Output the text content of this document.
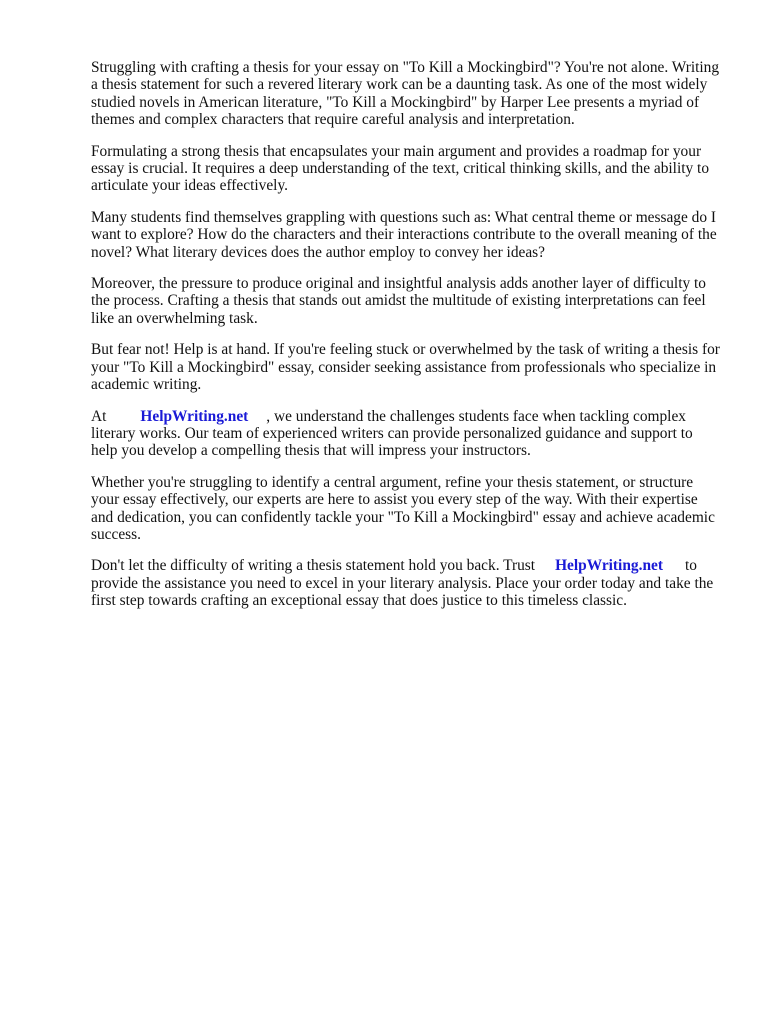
Struggling with crafting a thesis for your essay on "To Kill a Mockingbird"? You're not alone. Writing a thesis statement for such a revered literary work can be a daunting task. As one of the most widely studied novels in American literature, "To Kill a Mockingbird" by Harper Lee presents a myriad of themes and complex characters that require careful analysis and interpretation.

Formulating a strong thesis that encapsulates your main argument and provides a roadmap for your essay is crucial. It requires a deep understanding of the text, critical thinking skills, and the ability to articulate your ideas effectively.

Many students find themselves grappling with questions such as: What central theme or message do I want to explore? How do the characters and their interactions contribute to the overall meaning of the novel? What literary devices does the author employ to convey her ideas?

Moreover, the pressure to produce original and insightful analysis adds another layer of difficulty to the process. Crafting a thesis that stands out amidst the multitude of existing interpretations can feel like an overwhelming task.

But fear not! Help is at hand. If you're feeling stuck or overwhelmed by the task of writing a thesis for your "To Kill a Mockingbird" essay, consider seeking assistance from professionals who specialize in academic writing.

At HelpWriting.net , we understand the challenges students face when tackling complex literary works. Our team of experienced writers can provide personalized guidance and support to help you develop a compelling thesis that will impress your instructors.

Whether you're struggling to identify a central argument, refine your thesis statement, or structure your essay effectively, our experts are here to assist you every step of the way. With their expertise and dedication, you can confidently tackle your "To Kill a Mockingbird" essay and achieve academic success.

Don't let the difficulty of writing a thesis statement hold you back. Trust HelpWriting.net to provide the assistance you need to excel in your literary analysis. Place your order today and take the first step towards crafting an exceptional essay that does justice to this timeless classic.
